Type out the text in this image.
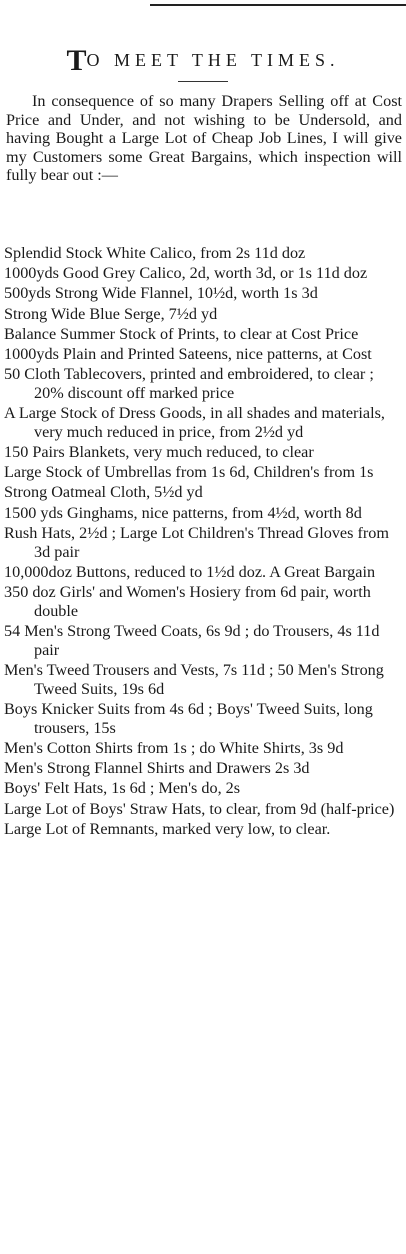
TO MEET THE TIMES.

In consequence of so many Drapers Selling off at Cost Price and Under, and not wishing to be Undersold, and having Bought a Large Lot of Cheap Job Lines, I will give my Customers some Great Bargains, which inspection will fully bear out :—

Splendid Stock White Calico, from 2s 11d doz
1000yds Good Grey Calico, 2d, worth 3d, or 1s 11d doz
500yds Strong Wide Flannel, 10½d, worth 1s 3d
Strong Wide Blue Serge, 7½d yd
Balance Summer Stock of Prints, to clear at Cost Price
1000yds Plain and Printed Sateens, nice patterns, at Cost
50 Cloth Tablecovers, printed and embroidered, to clear ; 20% discount off marked price
A Large Stock of Dress Goods, in all shades and materials, very much reduced in price, from 2½d yd
150 Pairs Blankets, very much reduced, to clear
Large Stock of Umbrellas from 1s 6d, Children's from 1s
Strong Oatmeal Cloth, 5½d yd
1500 yds Ginghams, nice patterns, from 4½d, worth 8d
Rush Hats, 2½d ; Large Lot Children's Thread Gloves from 3d pair
10,000doz Buttons, reduced to 1½d doz. A Great Bargain
350 doz Girls' and Women's Hosiery from 6d pair, worth double
54 Men's Strong Tweed Coats, 6s 9d ; do Trousers, 4s 11d pair
Men's Tweed Trousers and Vests, 7s 11d ; 50 Men's Strong Tweed Suits, 19s 6d
Boys Knicker Suits from 4s 6d ; Boys' Tweed Suits, long trousers, 15s
Men's Cotton Shirts from 1s ; do White Shirts, 3s 9d
Men's Strong Flannel Shirts and Drawers 2s 3d
Boys' Felt Hats, 1s 6d ; Men's do, 2s
Large Lot of Boys' Straw Hats, to clear, from 9d (half-price)
Large Lot of Remnants, marked very low, to clear.
